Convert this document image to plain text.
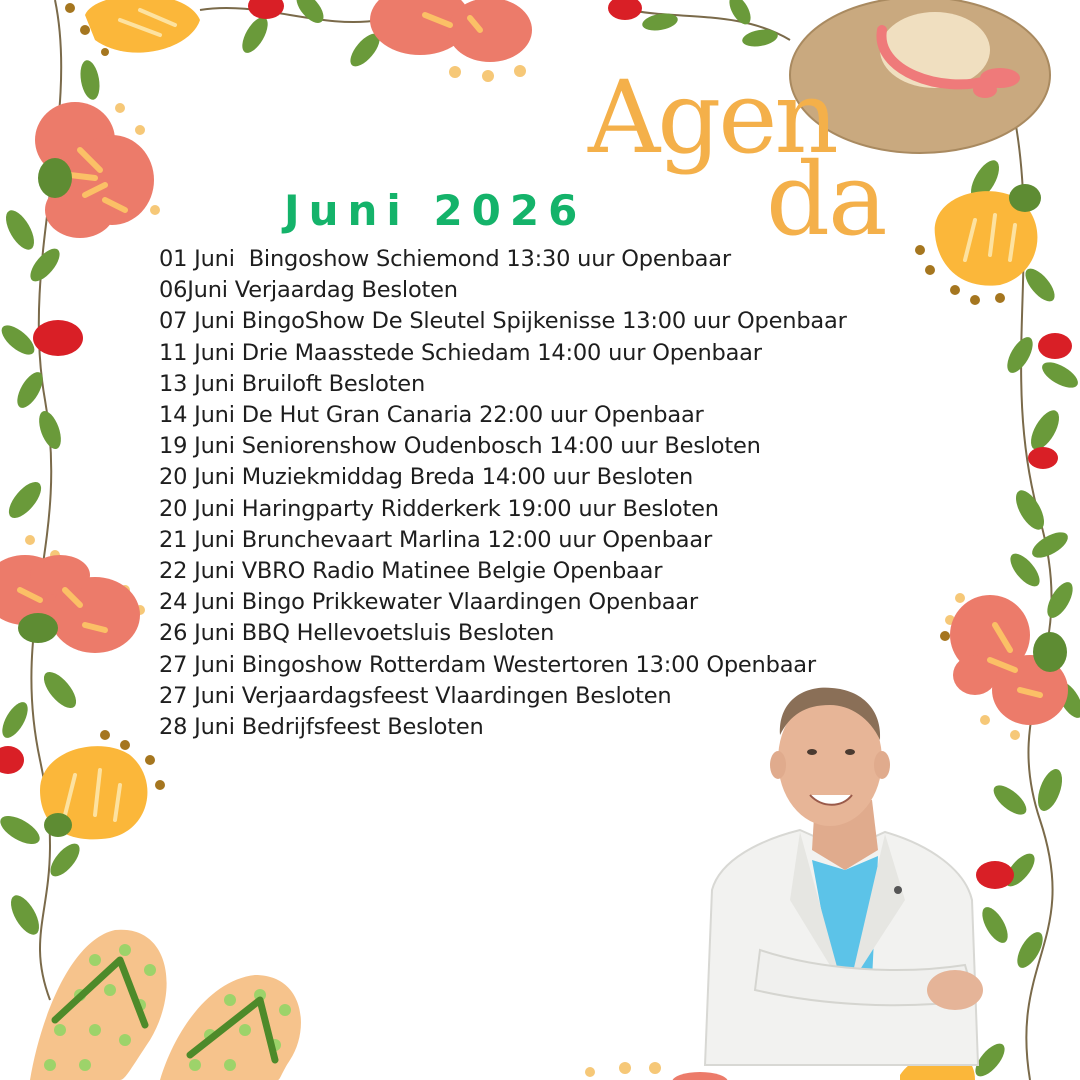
Agen
da
Juni 2026
01 Juni  Bingoshow Schiemond 13:30 uur Openbaar
06Juni Verjaardag Besloten
07 Juni BingoShow De Sleutel Spijkenisse 13:00 uur Openbaar
11 Juni Drie Maasstede Schiedam 14:00 uur Openbaar
13 Juni Bruiloft Besloten
14 Juni De Hut Gran Canaria 22:00 uur Openbaar
19 Juni Seniorenshow Oudenbosch 14:00 uur Besloten
20 Juni Muziekmiddag Breda 14:00 uur Besloten
20 Juni Haringparty Ridderkerk 19:00 uur Besloten
21 Juni Brunchevaart Marlina 12:00 uur Openbaar
22 Juni VBRO Radio Matinee Belgie Openbaar
24 Juni Bingo Prikkewater Vlaardingen Openbaar
26 Juni BBQ Hellevoetsluis Besloten
27 Juni Bingoshow Rotterdam Westertoren 13:00 Openbaar
27 Juni Verjaardagsfeest Vlaardingen Besloten
28 Juni Bedrijfsfeest Besloten
